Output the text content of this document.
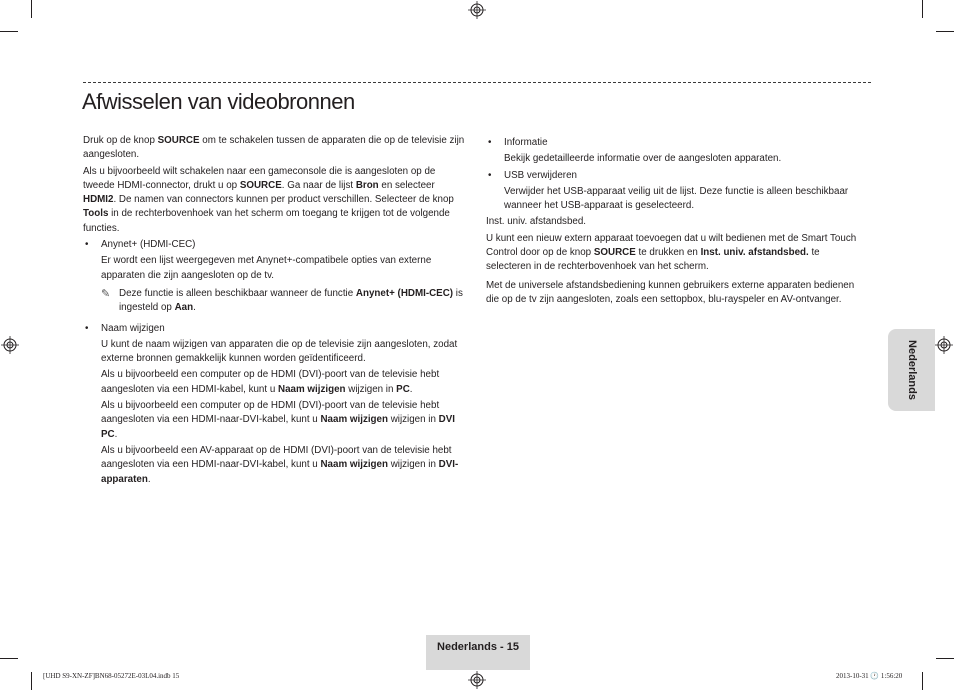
Afwisselen van videobronnen

Druk op de knop SOURCE om te schakelen tussen de apparaten die op de televisie zijn aangesloten.

Als u bijvoorbeeld wilt schakelen naar een gameconsole die is aangesloten op de tweede HDMI-connector, drukt u op SOURCE. Ga naar de lijst Bron en selecteer HDMI2. De namen van connectors kunnen per product verschillen. Selecteer de knop Tools in de rechterbovenhoek van het scherm om toegang te krijgen tot de volgende functies.

• Anynet+ (HDMI-CEC)

Er wordt een lijst weergegeven met Anynet+-compatibele opties van externe apparaten die zijn aangesloten op de tv.

✎ Deze functie is alleen beschikbaar wanneer de functie Anynet+ (HDMI-CEC) is ingesteld op Aan.
• Naam wijzigen

U kunt de naam wijzigen van apparaten die op de televisie zijn aangesloten, zodat externe bronnen gemakkelijk kunnen worden geïdentificeerd.

Als u bijvoorbeeld een computer op de HDMI (DVI)-poort van de televisie hebt aangesloten via een HDMI-kabel, kunt u Naam wijzigen wijzigen in PC.

Als u bijvoorbeeld een computer op de HDMI (DVI)-poort van de televisie hebt aangesloten via een HDMI-naar-DVI-kabel, kunt u Naam wijzigen wijzigen in DVI PC.

Als u bijvoorbeeld een AV-apparaat op de HDMI (DVI)-poort van de televisie hebt aangesloten via een HDMI-naar-DVI-kabel, kunt u Naam wijzigen wijzigen in DVI-apparaten.

• Informatie

Bekijk gedetailleerde informatie over de aangesloten apparaten.

• USB verwijderen

Verwijder het USB-apparaat veilig uit de lijst. Deze functie is alleen beschikbaar wanneer het USB-apparaat is geselecteerd.

Inst. univ. afstandsbed.

U kunt een nieuw extern apparaat toevoegen dat u wilt bedienen met de Smart Touch Control door op de knop SOURCE te drukken en Inst. univ. afstandsbed. te selecteren in de rechterbovenhoek van het scherm.

Met de universele afstandsbediening kunnen gebruikers externe apparaten bedienen die op de tv zijn aangesloten, zoals een settopbox, blu-rayspeler en AV-ontvanger.

Nederlands
Nederlands - 15
[UHD S9-XN-ZF]BN68-05272E-03L04.indb 15	2013-10-31 🕐 1:56:20
